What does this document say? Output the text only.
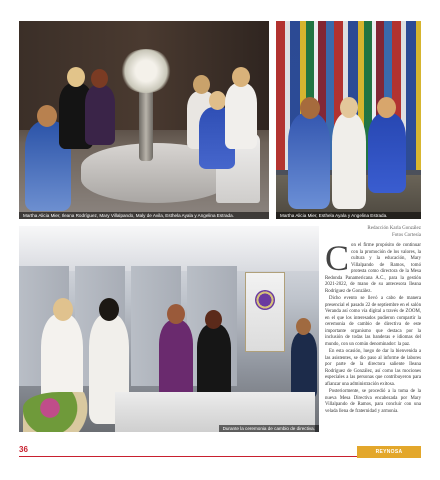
Martha Alicia Mier, Ileana Rodríguez, Mary Villalpando, Maly de Avila, Esthela Ayala y Angelina Estrada.	Martha Alicia Mier, Esthela Ayala y Angelina Estrada.
Durante la ceremonia de cambio de directiva.
Redacción Karla González
Fotos Cortesía
C on el firme propósito de continuar con la promoción de los valores, la cultura y la educación, Mary Villalpando de Ramos, tomó protesta como directora de la Mesa Redonda Panamericana A.C., para la gestión 2021-2022, de mano de su antecesora Ileana Rodríguez de González.

Dicho evento se llevó a cabo de manera presencial el pasado 22 de septiembre en el salón Veranda así como vía digital a través de ZOOM, en el que los interesados pudieron compartir la ceremonia de cambio de directiva de este importante organismo que destaca por la inclusión de todas las banderas e idiomas del mundo, con un común denominador: la paz.

En esta ocasión, luego de dar la bienvenida a las asistentes, se dio paso al informe de labores por parte de la directora saliente Ileana Rodríguez de González, así como las mociones especiales a las personas que contribuyeron para afianzar una administración exitosa.

Posteriormente, se procedió a la toma de la nueva Mesa Directiva encabezada por Mary Villalpando de Ramos, para concluir con una velada llena de fraternidad y armonía.

36	REYNOSA
